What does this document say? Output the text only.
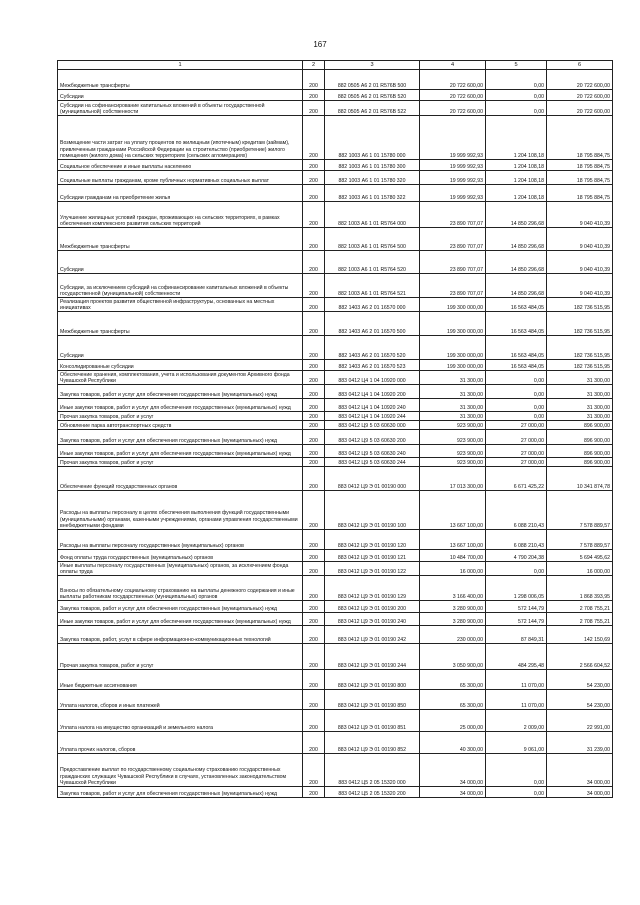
167
1	2	3	4	5	6
Межбюджетные трансферты	200	882 0505 А6 2 01 R576В 500	20 722 600,00	0,00	20 722 600,00
Субсидии	200	882 0505 А6 2 01 R576В 520	20 722 600,00	0,00	20 722 600,00
Субсидии на софинансирование капитальных вложений в объекты государственной (муниципальной) собственности	200	882 0505 А6 2 01 R576В 522	20 722 600,00	0,00	20 722 600,00
Возмещение части затрат на уплату процентов по жилищным (ипотечным) кредитам (займам), привлеченным гражданами Российской Федерации на строительство (приобретение) жилого помещения (жилого дома) на сельских территориях (сельских агломерациях)	200	882 1003 А6 1 01 15780 000	19 999 992,93	1 204 108,18	18 795 884,75
Социальное обеспечение и иные выплаты населению	200	882 1003 А6 1 01 15780 300	19 999 992,93	1 204 108,18	18 795 884,75
Социальные выплаты гражданам, кроме публичных нормативных социальных выплат	200	882 1003 А6 1 01 15780 320	19 999 992,93	1 204 108,18	18 795 884,75
Субсидии гражданам на приобретение жилья	200	882 1003 А6 1 01 15780 322	19 999 992,93	1 204 108,18	18 795 884,75
Улучшение жилищных условий граждан, проживающих на сельских территориях, в рамках обеспечения комплексного развития сельских территорий	200	882 1003 А6 1 01 R5764 000	23 890 707,07	14 850 296,68	9 040 410,39
Межбюджетные трансферты	200	882 1003 А6 1 01 R5764 500	23 890 707,07	14 850 296,68	9 040 410,39
Субсидии	200	882 1003 А6 1 01 R5764 520	23 890 707,07	14 850 296,68	9 040 410,39
Субсидии, за исключением субсидий на софинансирование капитальных вложений в объекты государственной (муниципальной) собственности	200	882 1003 А6 1 01 R5764 521	23 890 707,07	14 850 296,68	9 040 410,39
Реализация проектов развития общественной инфраструктуры, основанных на местных инициативах	200	882 1403 А6 2 01 16570 000	199 300 000,00	16 563 484,05	182 736 515,95
Межбюджетные трансферты	200	882 1403 А6 2 01 16570 500	199 300 000,00	16 563 484,05	182 736 515,95
Субсидии	200	882 1403 А6 2 01 16570 520	199 300 000,00	16 563 484,05	182 736 515,95
Консолидированные субсидии	200	882 1403 А6 2 01 16570 523	199 300 000,00	16 563 484,05	182 736 515,95
Обеспечение хранения, комплектования, учета и использования документов Архивного фонда Чувашской Республики	200	883 0412 Ц4 1 04 10920 000	31 300,00	0,00	31 300,00
Закупка товаров, работ и услуг для обеспечения государственных (муниципальных) нужд	200	883 0412 Ц4 1 04 10920 200	31 300,00	0,00	31 300,00
Иные закупки товаров, работ и услуг для обеспечения государственных (муниципальных) нужд	200	883 0412 Ц4 1 04 10920 240	31 300,00	0,00	31 300,00
Прочая закупка товаров, работ и услуг	200	883 0412 Ц4 1 04 10920 244	31 300,00	0,00	31 300,00
Обновление парка автотранспортных средств	200	883 0412 Ц9 5 03 60630 000	923 900,00	27 000,00	896 900,00
Закупка товаров, работ и услуг для обеспечения государственных (муниципальных) нужд	200	883 0412 Ц9 5 03 60630 200	923 900,00	27 000,00	896 900,00
Иные закупки товаров, работ и услуг для обеспечения государственных (муниципальных) нужд	200	883 0412 Ц9 5 03 60630 240	923 900,00	27 000,00	896 900,00
Прочая закупка товаров, работ и услуг	200	883 0412 Ц9 5 03 60630 244	923 900,00	27 000,00	896 900,00
Обеспечение функций государственных органов	200	883 0412 Ц9 Э 01 00190 000	17 013 300,00	6 671 425,22	10 341 874,78
Расходы на выплаты персоналу в целях обеспечения выполнения функций государственными (муниципальными) органами, казенными учреждениями, органами управления государственными внебюджетными фондами	200	883 0412 Ц9 Э 01 00190 100	13 667 100,00	6 088 210,43	7 578 889,57
Расходы на выплаты персоналу государственных (муниципальных) органов	200	883 0412 Ц9 Э 01 00190 120	13 667 100,00	6 088 210,43	7 578 889,57
Фонд оплаты труда государственных (муниципальных) органов	200	883 0412 Ц9 Э 01 00190 121	10 484 700,00	4 790 204,38	5 694 495,62
Иные выплаты персоналу государственных (муниципальных) органов, за исключением фонда оплаты труда	200	883 0412 Ц9 Э 01 00190 122	16 000,00	0,00	16 000,00
Взносы по обязательному социальному страхованию на выплаты денежного содержания и иные выплаты работникам государственных (муниципальных) органов	200	883 0412 Ц9 Э 01 00190 129	3 166 400,00	1 298 006,05	1 868 393,95
Закупка товаров, работ и услуг для обеспечения государственных (муниципальных) нужд	200	883 0412 Ц9 Э 01 00190 200	3 280 900,00	572 144,79	2 708 755,21
Иные закупки товаров, работ и услуг для обеспечения государственных (муниципальных) нужд	200	883 0412 Ц9 Э 01 00190 240	3 280 900,00	572 144,79	2 708 755,21
Закупка товаров, работ, услуг в сфере информационно-коммуникационных технологий	200	883 0412 Ц9 Э 01 00190 242	230 000,00	87 849,31	142 150,69
Прочая закупка товаров, работ и услуг	200	883 0412 Ц9 Э 01 00190 244	3 050 900,00	484 295,48	2 566 604,52
Иные бюджетные ассигнования	200	883 0412 Ц9 Э 01 00190 800	65 300,00	11 070,00	54 230,00
Уплата налогов, сборов и иных платежей	200	883 0412 Ц9 Э 01 00190 850	65 300,00	11 070,00	54 230,00
Уплата налога на имущество организаций и земельного налога	200	883 0412 Ц9 Э 01 00190 851	25 000,00	2 009,00	22 991,00
Уплата прочих налогов, сборов	200	883 0412 Ц9 Э 01 00190 852	40 300,00	9 061,00	31 239,00
Предоставление выплат по государственному социальному страхованию государственных гражданских служащих Чувашской Республики в случаях, установленных законодательством Чувашской Республики	200	883 0412 Ц5 2 05 15320 000	34 000,00	0,00	34 000,00
Закупка товаров, работ и услуг для обеспечения государственных (муниципальных) нужд	200	883 0412 Ц5 2 05 15320 200	34 000,00	0,00	34 000,00
